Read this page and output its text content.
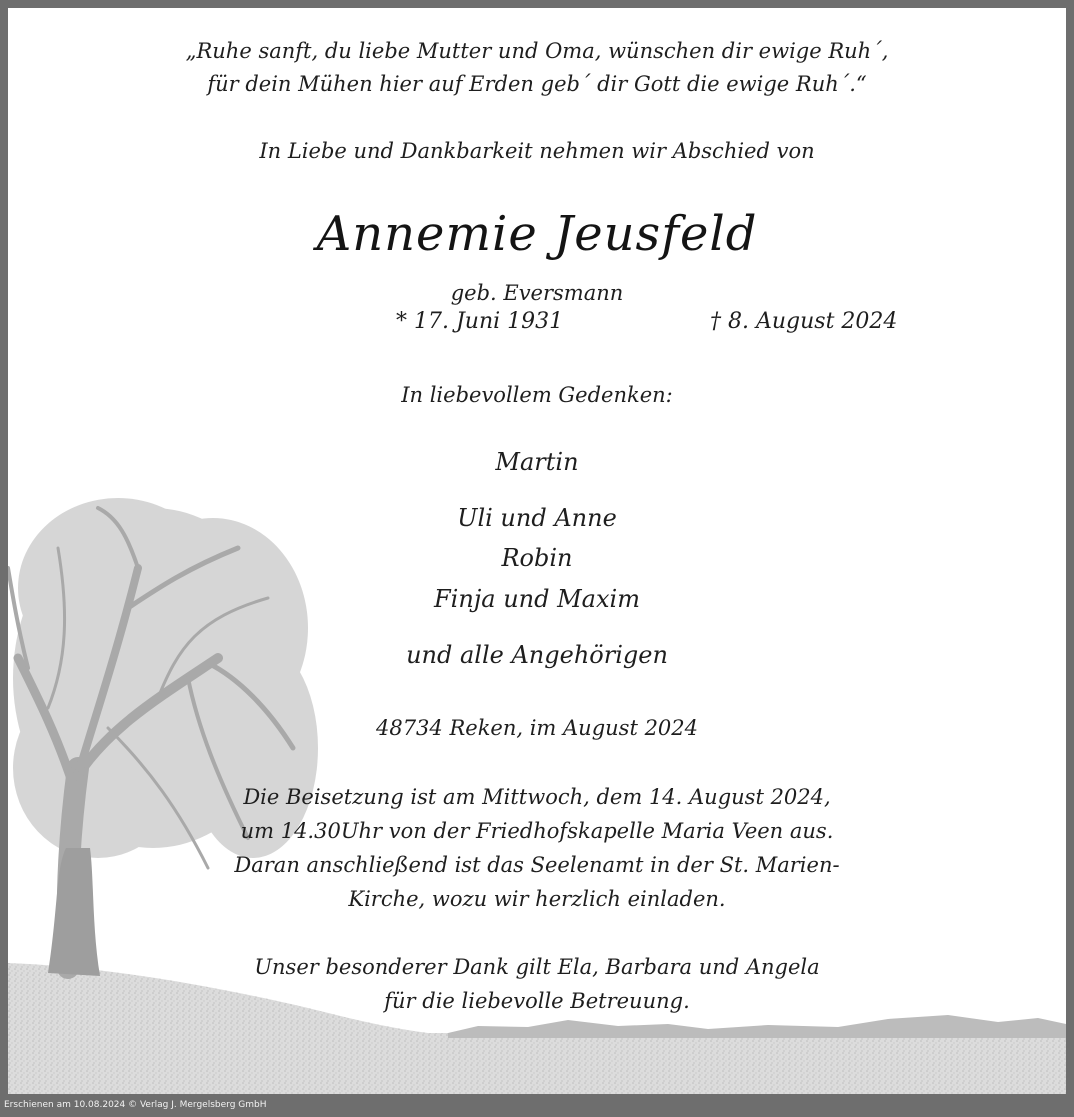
„Ruhe sanft, du liebe Mutter und Oma, wünschen dir ewige Ruh´,

für dein Mühen hier auf Erden geb´ dir Gott die ewige Ruh´.“

In Liebe und Dankbarkeit nehmen wir Abschied von

Annemie Jeusfeld

geb. Eversmann

* 17. Juni 1931	† 8. August 2024

In liebevollem Gedenken:

Martin

Uli und Anne

Robin

Finja und Maxim

und alle Angehörigen

48734 Reken, im August 2024

Die Beisetzung ist am Mittwoch, dem 14. August 2024,

um 14.30Uhr von der Friedhofskapelle Maria Veen aus.

Daran anschließend ist das Seelenamt in der St. Marien-

Kirche, wozu wir herzlich einladen.

Unser besonderer Dank gilt Ela, Barbara und Angela

für die liebevolle Betreuung.

Erschienen am 10.08.2024 © Verlag J. Mergelsberg GmbH
